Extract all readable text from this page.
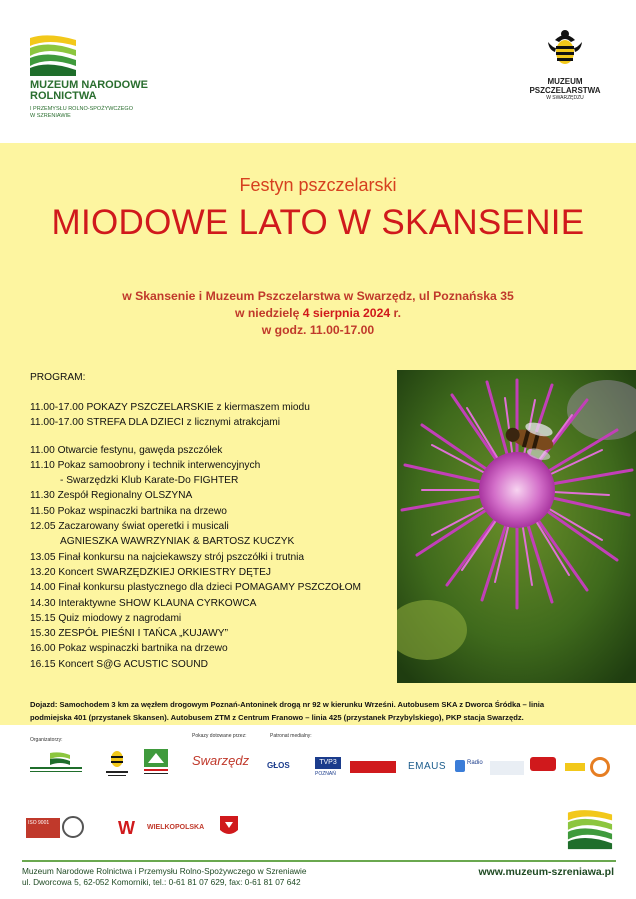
MUZEUM NARODOWE
ROLNICTWA
I PRZEMYSŁU ROLNO-SPOŻYWCZEGO
W SZRENIAWIE
MUZEUM
PSZCZELARSTWA
W SWARZĘDZU
Festyn pszczelarski
MIODOWE LATO W SKANSENIE
w Skansenie i Muzeum Pszczelarstwa w Swarzędz, ul Poznańska 35
w niedzielę 4 sierpnia 2024 r.
w godz. 11.00-17.00
PROGRAM:
11.00-17.00 POKAZY PSZCZELARSKIE z kiermaszem miodu
11.00-17.00 STREFA DLA DZIECI z licznymi atrakcjami
11.00 Otwarcie festynu, gawęda pszczółek
11.10 Pokaz samoobrony i technik interwencyjnych
- Swarzędzki Klub Karate-Do FIGHTER
11.30 Zespół Regionalny OLSZYNA
11.50 Pokaz wspinaczki bartnika na drzewo
12.05 Zaczarowany świat operetki i musicali
AGNIESZKA WAWRZYNIAK & BARTOSZ KUCZYK
13.05 Finał konkursu na najciekawszy strój pszczółki i trutnia
13.20 Koncert SWARZĘDZKIEJ ORKIESTRY DĘTEJ
14.00 Finał konkursu plastycznego dla dzieci POMAGAMY PSZCZOŁOM
14.30 Interaktywne SHOW KLAUNA CYRKOWCA
15.15 Quiz miodowy z nagrodami
15.30 ZESPÓŁ PIEŚNI I TAŃCA „KUJAWY”
16.00 Pokaz wspinaczki bartnika na drzewo
16.15 Koncert S@G ACUSTIC SOUND
Dojazd: Samochodem 3 km za węzłem drogowym Poznań-Antoninek drogą nr 92 w kierunku Wrześni. Autobusem SKA z Dworca Śródka – linia
podmiejska 401 (przystanek Skansen). Autobusem ZTM z Centrum Franowo – linia 425 (przystanek Przybylskiego), PKP stacja Swarzędz.
Organizatorzy:
Pokazy dotowane przez:	Patronat medialny:
Swarzędz GŁOS	TVP3
POZNAŃ
EMAUS	Radio
ISO 9001	W WIELKOPOLSKA
Muzeum Narodowe Rolnictwa i Przemysłu Rolno-Spożywczego w Szreniawie
ul. Dworcowa 5, 62-052 Komorniki, tel.: 0-61 81 07 629, fax: 0-61 81 07 642
www.muzeum-szreniawa.pl
